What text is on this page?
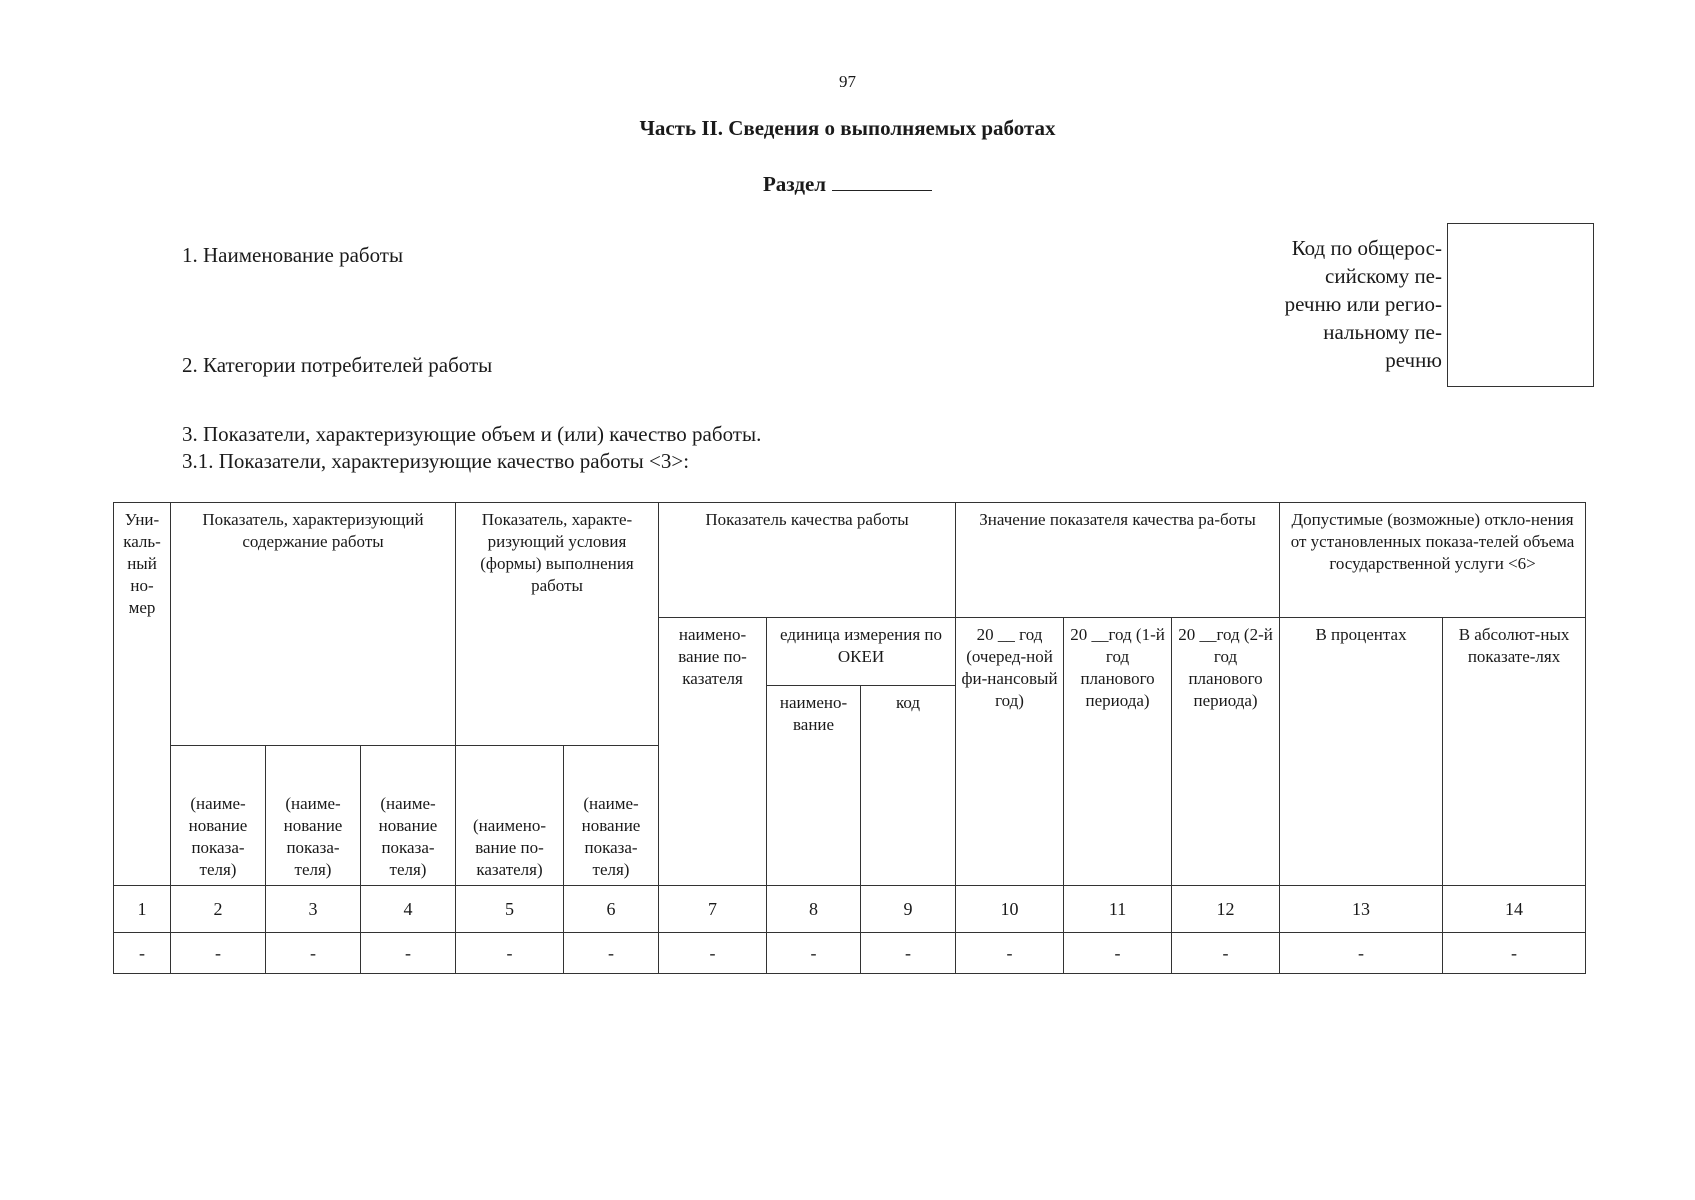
97
Часть II. Сведения о выполняемых работах
Раздел
1. Наименование работы
2. Категории потребителей работы
Код по общерос-
сийскому пе-
речню или регио-
нальному пе-
речню
3. Показатели, характеризующие объем и (или) качество работы.
3.1. Показатели, характеризующие качество работы <3>:
Уни-
каль-
ный
но-
мер	Показатель, характеризующий содержание работы			Показатель, характе-ризующий условия (формы) выполнения работы		Показатель качества работы			Значение показателя качества ра-боты			Допустимые (возможные) откло-нения от установленных показа-телей объема государственной услуги <6>	
						наимено-вание по-казателя	единица измерения по ОКЕИ		20 __ год (очеред-ной фи-нансовый год)	20 __год (1-й год планового периода)	20 __год (2-й год планового периода)	В процентах	В абсолют-ных показате-лях
							наимено-вание	код					
	(наиме-нование показа-теля)	(наиме-нование показа-теля)	(наиме-нование показа-теля)	(наимено-вание по-казателя)	(наиме-нование показа-теля)								
1	2	3	4	5	6	7	8	9	10	11	12	13	14
-	-	-	-	-	-	-	-	-	-	-	-	-	-
